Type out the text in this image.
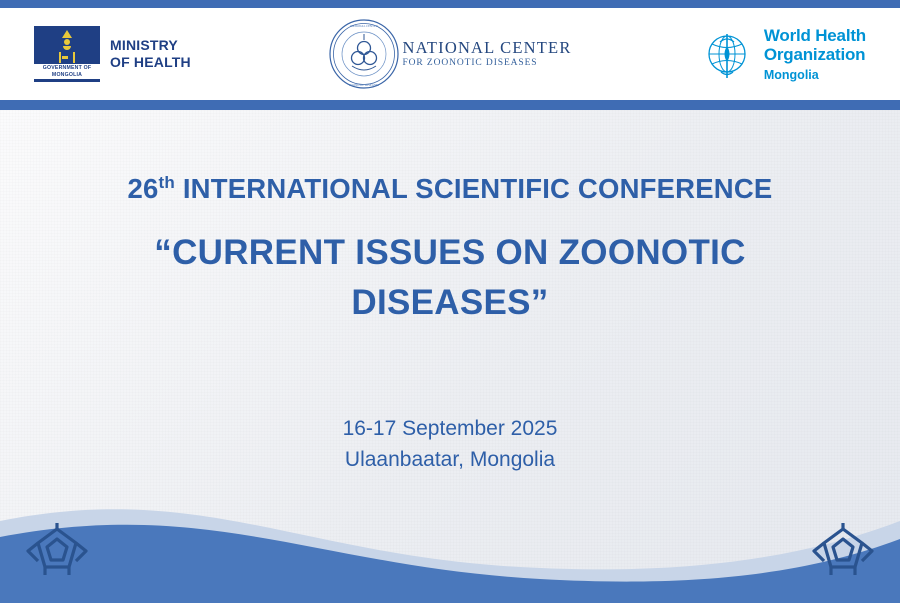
GOVERNMENT OF
MONGOLIA
MINISTRY
OF HEALTH
NATIONAL CENTER
ZOONOTIC DISEASES
NATIONAL CENTER
FOR ZOONOTIC DISEASES
World Health
Organization
Mongolia
26th INTERNATIONAL SCIENTIFIC CONFERENCE
“CURRENT ISSUES ON ZOONOTIC DISEASES”
16-17 September 2025
Ulaanbaatar, Mongolia
